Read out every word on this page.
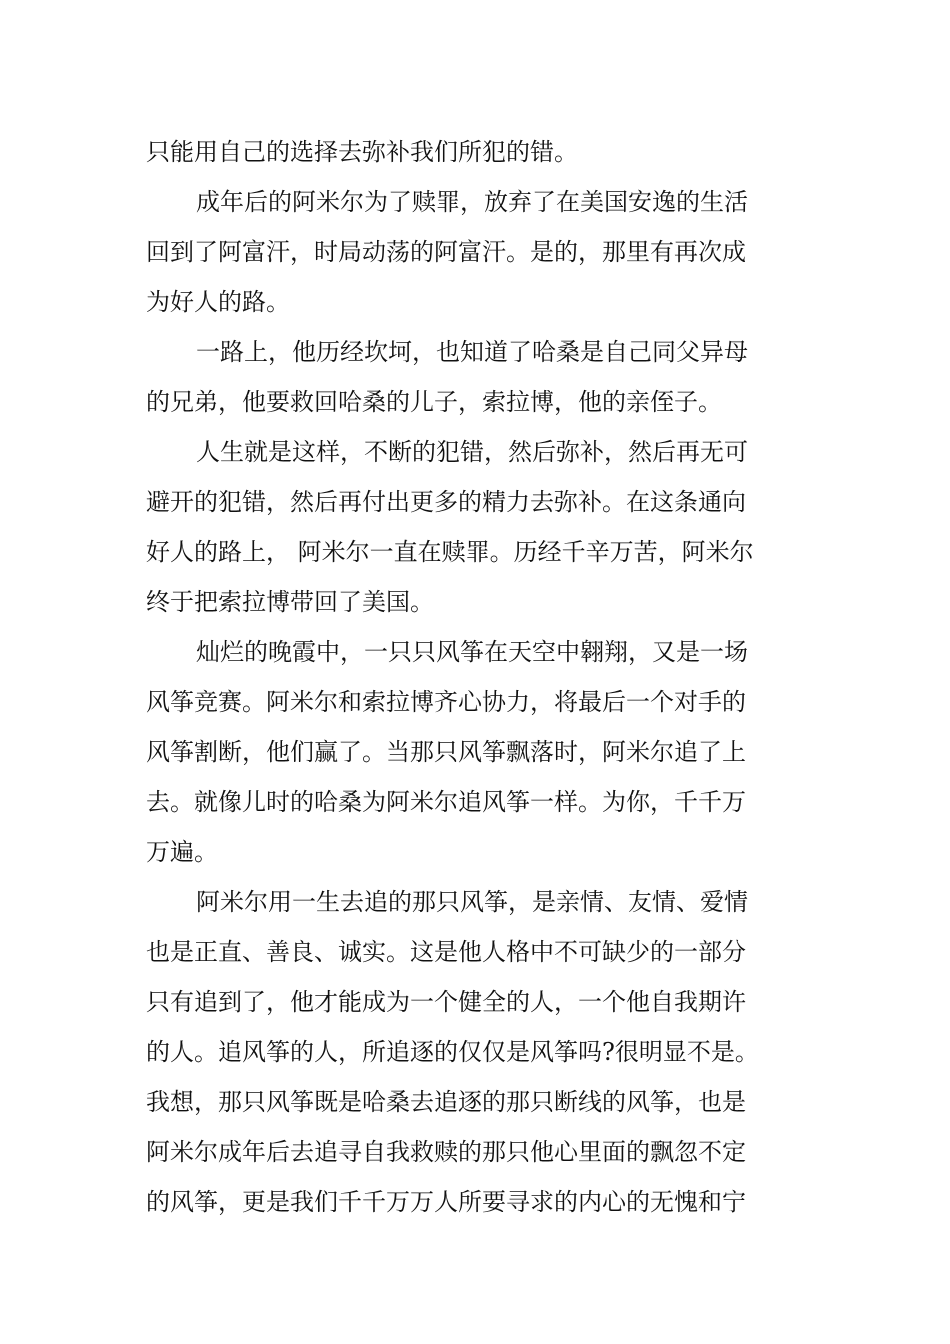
只能用自己的选择去弥补我们所犯的错。
成年后的阿米尔为了赎罪，放弃了在美国安逸的生活
回到了阿富汗，时局动荡的阿富汗。是的，那里有再次成
为好人的路。
一路上，他历经坎坷，也知道了哈桑是自己同父异母
的兄弟，他要救回哈桑的儿子，索拉博，他的亲侄子。
人生就是这样，不断的犯错，然后弥补，然后再无可
避开的犯错，然后再付出更多的精力去弥补。在这条通向
好人的路上， 阿米尔一直在赎罪。历经千辛万苦，阿米尔
终于把索拉博带回了美国。
灿烂的晚霞中，一只只风筝在天空中翱翔，又是一场
风筝竞赛。阿米尔和索拉博齐心协力，将最后一个对手的
风筝割断，他们赢了。当那只风筝飘落时，阿米尔追了上
去。就像儿时的哈桑为阿米尔追风筝一样。为你，千千万
万遍。
阿米尔用一生去追的那只风筝，是亲情、友情、爱情
也是正直、善良、诚实。这是他人格中不可缺少的一部分
只有追到了，他才能成为一个健全的人，一个他自我期许
的人。追风筝的人，所追逐的仅仅是风筝吗?很明显不是。
我想，那只风筝既是哈桑去追逐的那只断线的风筝，也是
阿米尔成年后去追寻自我救赎的那只他心里面的飘忽不定
的风筝，更是我们千千万万人所要寻求的内心的无愧和宁
